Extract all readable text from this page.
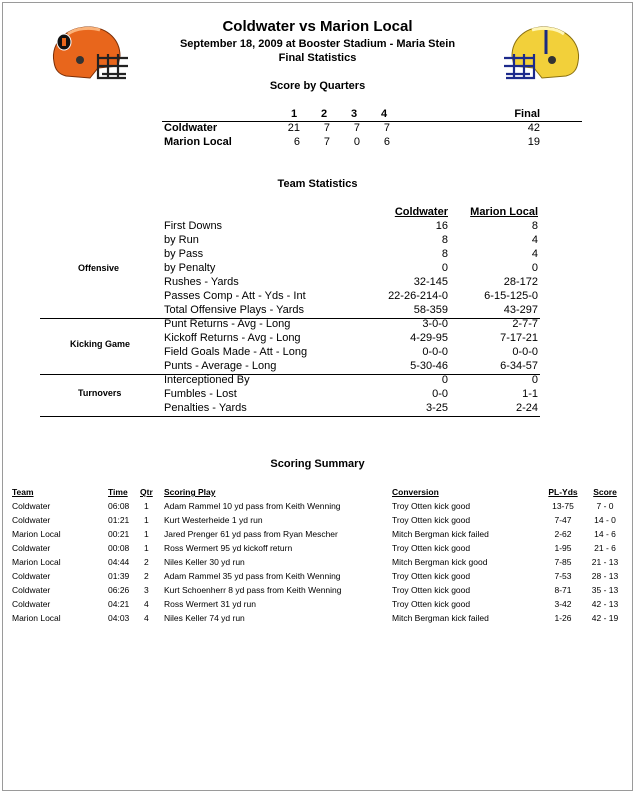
Coldwater vs Marion Local
September 18, 2009 at Booster Stadium - Maria Stein
Final Statistics
Score by Quarters
1	2	3	4	Final
Coldwater	21	7	7	7	42
Marion Local	6	7	0	6	19
Team Statistics
Coldwater	Marion Local
Offensive
First Downs	16	8
by Run	8	4
by Pass	8	4
by Penalty	0	0
Rushes - Yards	32-145	28-172
Passes Comp - Att - Yds - Int	22-26-214-0	6-15-125-0
Total Offensive Plays - Yards	58-359	43-297
Kicking Game
Punt Returns - Avg - Long	3-0-0	2-7-7
Kickoff Returns - Avg - Long	4-29-95	7-17-21
Field Goals Made - Att - Long	0-0-0	0-0-0
Punts - Average - Long	5-30-46	6-34-57
Turnovers
Interceptioned By	0	0
Fumbles - Lost	0-0	1-1
Penalties - Yards	3-25	2-24
Scoring Summary
Team	Time Qtr Scoring Play	Conversion	PL-Yds	Score
Coldwater	06:08 1 Adam Rammel 10 yd pass from Keith Wenning	Troy Otten kick good	13-75	7 - 0
Coldwater	01:21 1 Kurt Westerheide 1 yd run	Troy Otten kick good	7-47	14 - 0
Marion Local	00:21 1 Jared Prenger 61 yd pass from Ryan Mescher	Mitch Bergman kick failed	2-62	14 - 6
Coldwater	00:08 1 Ross Wermert 95 yd kickoff return	Troy Otten kick good	1-95	21 - 6
Marion Local	04:44 2 Niles Keller 30 yd run	Mitch Bergman kick good	7-85	21 - 13
Coldwater	01:39 2 Adam Rammel 35 yd pass from Keith Wenning	Troy Otten kick good	7-53	28 - 13
Coldwater	06:26 3 Kurt Schoenherr 8 yd pass from Keith Wenning	Troy Otten kick good	8-71	35 - 13
Coldwater	04:21 4 Ross Wermert 31 yd run	Troy Otten kick good	3-42	42 - 13
Marion Local	04:03 4 Niles Keller 74 yd run	Mitch Bergman kick failed	1-26	42 - 19
